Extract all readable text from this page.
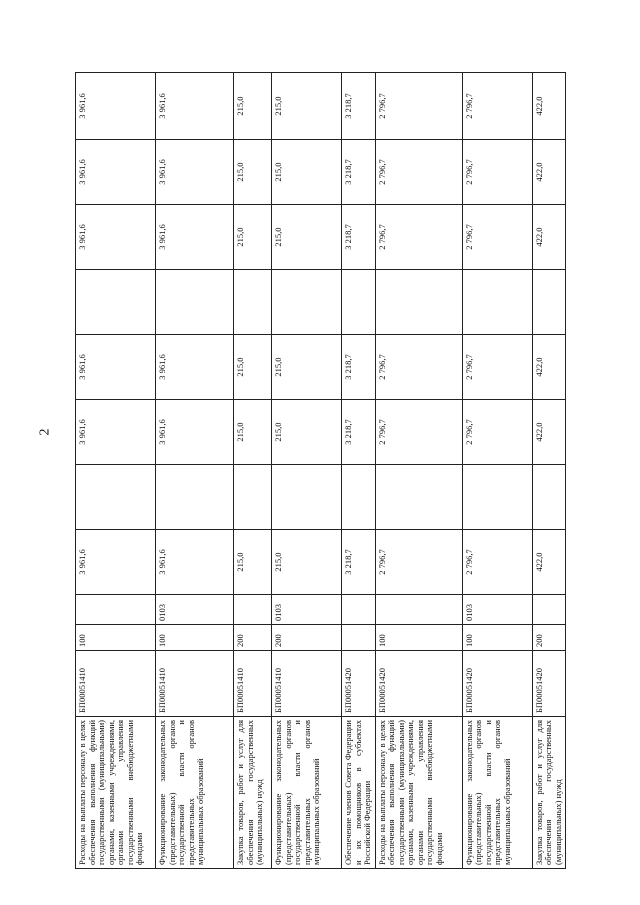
2
Расходы на выплаты персоналу в целях обеспечения выполнения функций государственными (муниципальными) органами, казенными учреждениями, органами управления государственными внебюджетными фондами	БП00051410	100		3 961,6		3 961,6	3 961,6		3 961,6	3 961,6	3 961,6
Функционирование законодательных (представительных) органов государственной власти и представительных органов муниципальных образований	БП00051410	100	0103	3 961,6		3 961,6	3 961,6		3 961,6	3 961,6	3 961,6
Закупка товаров, работ и услуг для обеспечения государственных (муниципальных) нужд	БП00051410	200		215,0		215,0	215,0		215,0	215,0	215,0
Функционирование законодательных (представительных) органов государственной власти и представительных органов муниципальных образований	БП00051410	200	0103	215,0		215,0	215,0		215,0	215,0	215,0
Обеспечение членов Совета Федерации и их помощников в субъектах Российской Федерации	БП00051420			3 218,7		3 218,7	3 218,7		3 218,7	3 218,7	3 218,7
Расходы на выплаты персоналу в целях обеспечения выполнения функций государственными (муниципальными) органами, казенными учреждениями, органами управления государственными внебюджетными фондами	БП00051420	100		2 796,7		2 796,7	2 796,7		2 796,7	2 796,7	2 796,7
Функционирование законодательных (представительных) органов государственной власти и представительных органов муниципальных образований	БП00051420	100	0103	2 796,7		2 796,7	2 796,7		2 796,7	2 796,7	2 796,7
Закупка товаров, работ и услуг для обеспечения государственных (муниципальных) нужд	БП00051420	200		422,0		422,0	422,0		422,0	422,0	422,0
